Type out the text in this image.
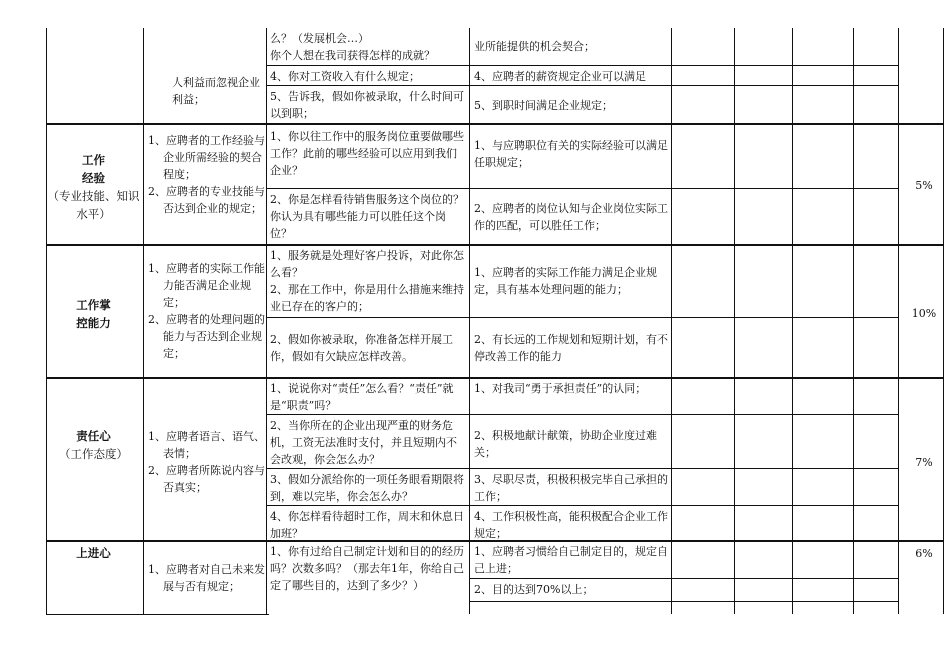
人利益而忽视企业利益；
么？（发展机会…）
你个人想在我司获得怎样的成就？
业所能提供的机会契合；
4、你对工资收入有什么规定；	4、应聘者的薪资规定企业可以满足
5、告诉我，假如你被录取，什么时间可以到职；
5、到职时间满足企业规定；
工作
经验
（专业技能、知识水平）
1、应聘者的工作经验与企业所需经验的契合程度；
2、应聘者的专业技能与否达到企业的规定；
1、你以往工作中的服务岗位重要做哪些工作？此前的哪些经验可以应用到我们企业？
1、与应聘职位有关的实际经验可以满足任职规定；
2、你是怎样看待销售服务这个岗位的？你认为具有哪些能力可以胜任这个岗位？
2、应聘者的岗位认知与企业岗位实际工作的匹配，可以胜任工作；
5%
工作掌
控能力
1、应聘者的实际工作能力能否满足企业规定；
2、应聘者的处理问题的能力与否达到企业规定；
1、服务就是处理好客户投诉，对此你怎么看？
2、那在工作中，你是用什么措施来维持业已存在的客户的；
1、应聘者的实际工作能力满足企业规定，具有基本处理问题的能力；
2、假如你被录取，你准备怎样开展工作，假如有欠缺应怎样改善。
2、有长远的工作规划和短期计划，有不停改善工作的能力
10%
责任心
（工作态度）
1、应聘者语言、语气、表情；
2、应聘者所陈说内容与否真实；
1、说说你对“责任”怎么看？“责任”就是“职责”吗？
1、对我司“勇于承担责任”的认同；
2、当你所在的企业出现严重的财务危机，工资无法准时支付，并且短期内不会改观，你会怎么办？
2、积极地献计献策，协助企业度过难关；
3、假如分派给你的一项任务眼看期限将到，难以完毕，你会怎么办？
3、尽职尽责，积极积极完毕自己承担的工作；
4、你怎样看待超时工作，周末和休息日加班？
4、工作积极性高，能积极配合企业工作规定；
7%
上进心
1、应聘者对自己未来发展与否有规定；
1、你有过给自己制定计划和目的的经历吗？次数多吗？（那去年1年，你给自己定了哪些目的，达到了多少？）
1、应聘者习惯给自己制定目的，规定自己上进；
2、目的达到70%以上；
6%
